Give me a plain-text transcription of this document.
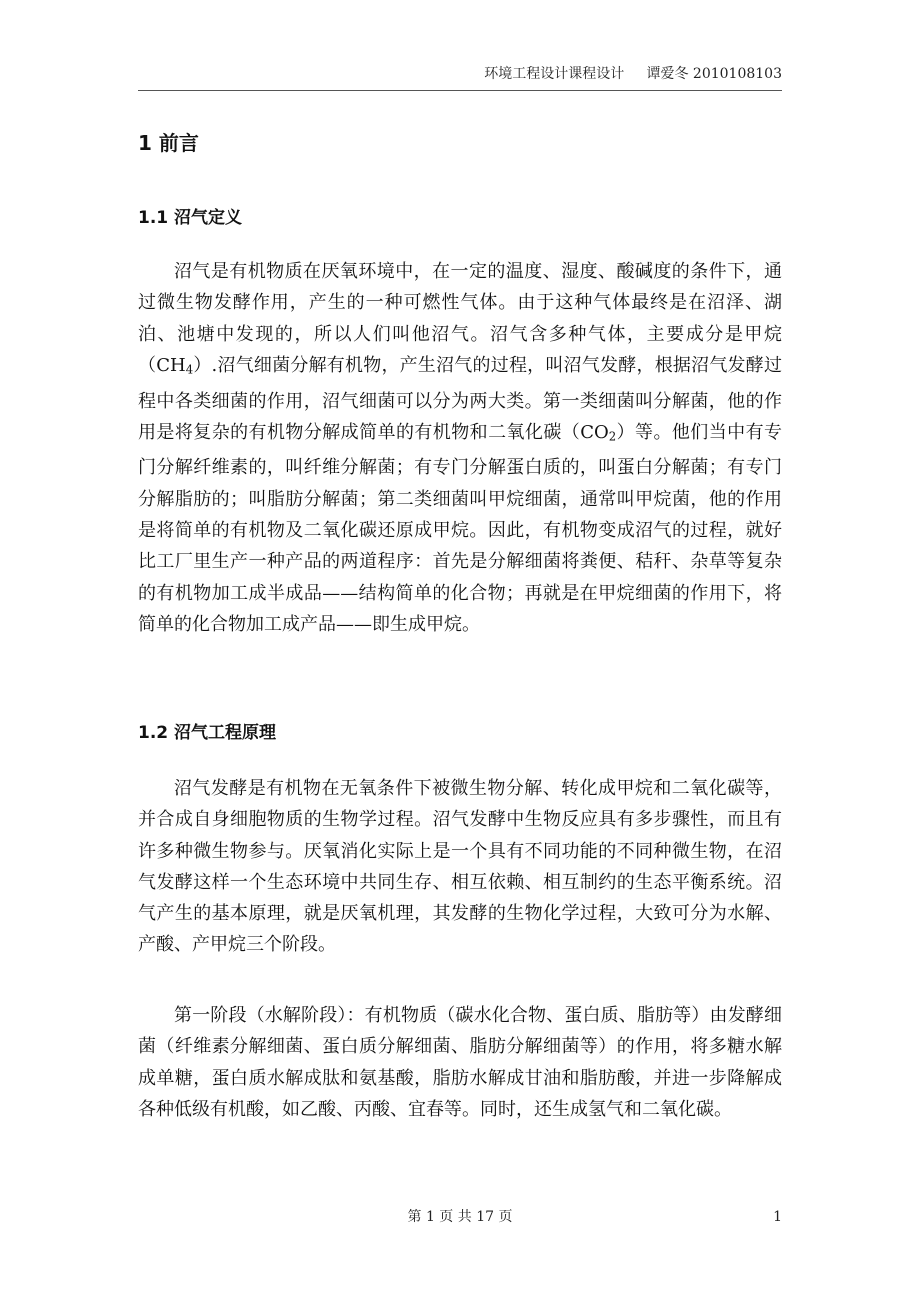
环境工程设计课程设计     谭爱冬 2010108103
1 前言
1.1 沼气定义

沼气是有机物质在厌氧环境中，在一定的温度、湿度、酸碱度的条件下，通过微生物发酵作用，产生的一种可燃性气体。由于这种气体最终是在沼泽、湖泊、池塘中发现的，所以人们叫他沼气。沼气含多种气体，主要成分是甲烷$(CH_4)$.沼气细菌分解有机物，产生沼气的过程，叫沼气发酵，根据沼气发酵过程中各类细菌的作用，沼气细菌可以分为两大类。第一类细菌叫分解菌，他的作用是将复杂的有机物分解成简单的有机物和二氧化碳$(CO_2)$等。他们当中有专门分解纤维素的，叫纤维分解菌；有专门分解蛋白质的，叫蛋白分解菌；有专门分解脂肪的；叫脂肪分解菌；第二类细菌叫甲烷细菌，通常叫甲烷菌，他的作用是将简单的有机物及二氧化碳还原成甲烷。因此，有机物变成沼气的过程，就好比工厂里生产一种产品的两道程序：首先是分解细菌将粪便、秸秆、杂草等复杂的有机物加工成半成品——结构简单的化合物；再就是在甲烷细菌的作用下，将简单的化合物加工成产品——即生成甲烷。

1.2 沼气工程原理

沼气发酵是有机物在无氧条件下被微生物分解、转化成甲烷和二氧化碳等，并合成自身细胞物质的生物学过程。沼气发酵中生物反应具有多步骤性，而且有许多种微生物参与。厌氧消化实际上是一个具有不同功能的不同种微生物，在沼气发酵这样一个生态环境中共同生存、相互依赖、相互制约的生态平衡系统。沼气产生的基本原理，就是厌氧机理，其发酵的生物化学过程，大致可分为水解、产酸、产甲烷三个阶段。

第一阶段（水解阶段）：有机物质（碳水化合物、蛋白质、脂肪等）由发酵细菌（纤维素分解细菌、蛋白质分解细菌、脂肪分解细菌等）的作用，将多糖水解成单糖，蛋白质水解成肽和氨基酸，脂肪水解成甘油和脂肪酸，并进一步降解成各种低级有机酸，如乙酸、丙酸、宜春等。同时，还生成氢气和二氧化碳。

第 1 页 共 17 页	1
